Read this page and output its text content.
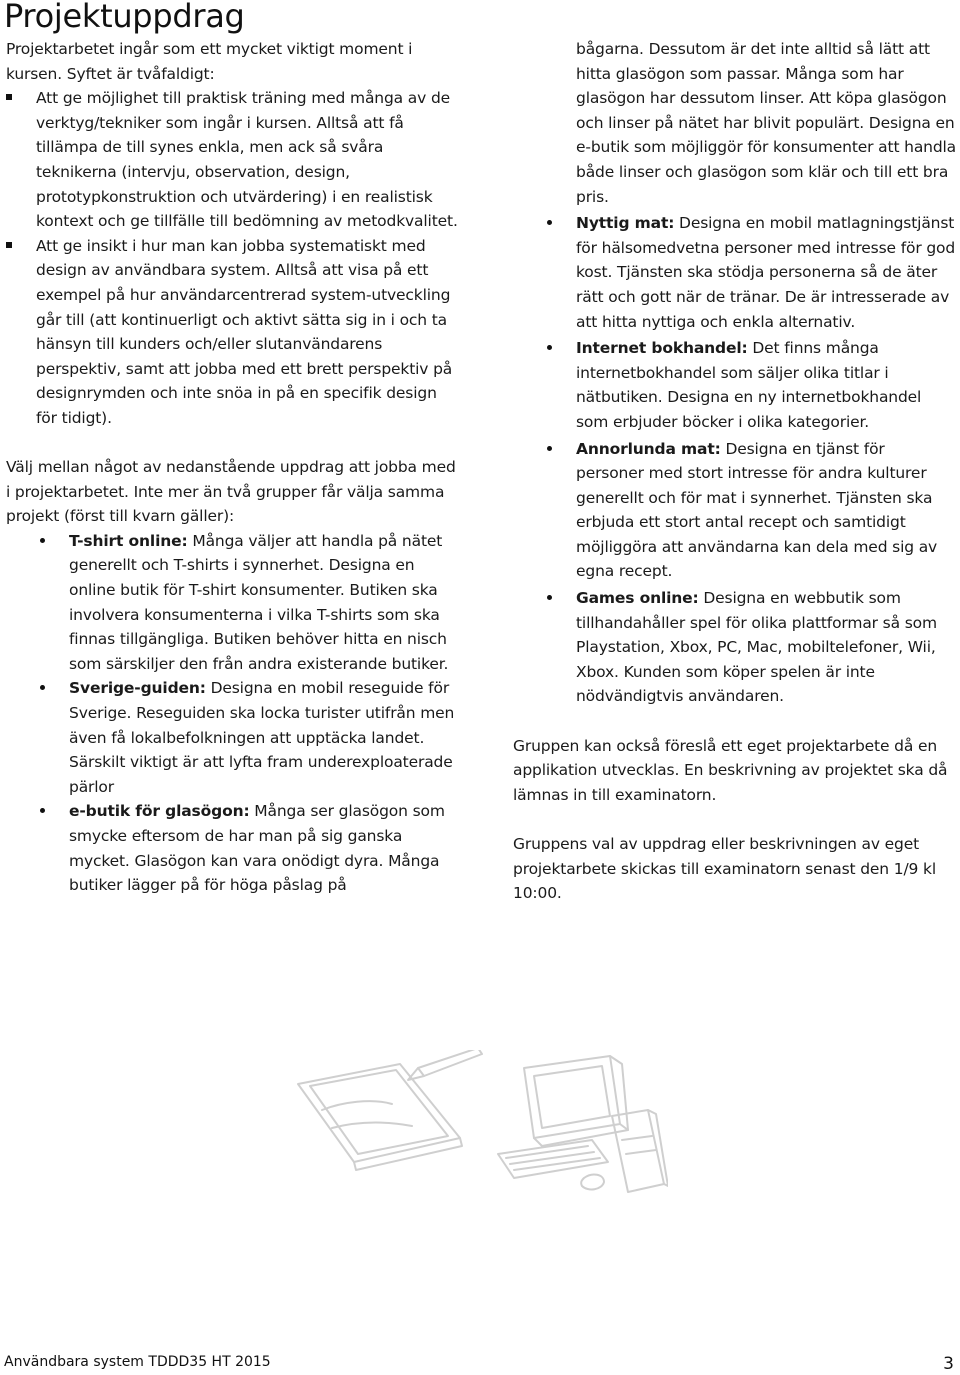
Projektuppdrag

Projektarbetet ingår som ett mycket viktigt moment i kursen. Syftet är tvåfaldigt:

Att ge möjlighet till praktisk träning med många av de verktyg/tekniker som ingår i kursen. Alltså att få tillämpa de till synes enkla, men ack så svåra teknikerna (intervju, observation, design, prototypkonstruktion och utvärdering) i en realistisk kontext och ge tillfälle till bedömning av metodkvalitet.
Att ge insikt i hur man kan jobba systematiskt med design av användbara system. Alltså att visa på ett exempel på hur användarcentrerad system-utveckling går till (att kontinuerligt och aktivt sätta sig in i och ta hänsyn till kunders och/eller slutanvändarens perspektiv, samt att jobba med ett brett perspektiv på designrymden och inte snöa in på en specifik design för tidigt).

Välj mellan något av nedanstående uppdrag att jobba med i projektarbetet. Inte mer än två grupper får välja samma projekt (först till kvarn gäller):

T-shirt online: Många väljer att handla på nätet generellt och T-shirts i synnerhet. Designa en online butik för T-shirt konsumenter. Butiken ska involvera konsumenterna i vilka T-shirts som ska finnas tillgängliga. Butiken behöver hitta en nisch som särskiljer den från andra existerande butiker.
Sverige-guiden: Designa en mobil reseguide för Sverige. Reseguiden ska locka turister utifrån men även få lokalbefolkningen att upptäcka landet. Särskilt viktigt är att lyfta fram underexploaterade pärlor
e-butik för glasögon: Många ser glasögon som smycke eftersom de har man på sig ganska mycket. Glasögon kan vara onödigt dyra. Många butiker lägger på för höga påslag på

bågarna. Dessutom är det inte alltid så lätt att hitta glasögon som passar. Många som har glasögon har dessutom linser. Att köpa glasögon och linser på nätet har blivit populärt. Designa en e-butik som möjliggör för konsumenter att handla både linser och glasögon som klär och till ett bra pris.

Nyttig mat: Designa en mobil matlagningstjänst för hälsomedvetna personer med intresse för god kost. Tjänsten ska stödja personerna så de äter rätt och gott när de tränar. De är intresserade av att hitta nyttiga och enkla alternativ.
Internet bokhandel: Det finns många internetbokhandel som säljer olika titlar i nätbutiken. Designa en ny internetbokhandel som erbjuder böcker i olika kategorier.
Annorlunda mat: Designa en tjänst för personer med stort intresse för andra kulturer generellt och för mat i synnerhet. Tjänsten ska erbjuda ett stort antal recept och samtidigt möjliggöra att användarna kan dela med sig av egna recept.
Games online: Designa en webbutik som tillhandahåller spel för olika plattformar så som Playstation, Xbox, PC, Mac, mobiltelefoner, Wii, Xbox. Kunden som köper spelen är inte nödvändigtvis användaren.

Gruppen kan också föreslå ett eget projektarbete då en applikation utvecklas. En beskrivning av projektet ska då lämnas in till examinatorn.

Gruppens val av uppdrag eller beskrivningen av eget projektarbete skickas till examinatorn senast den 1/9 kl 10:00.

Användbara system TDDD35 HT 2015	3
